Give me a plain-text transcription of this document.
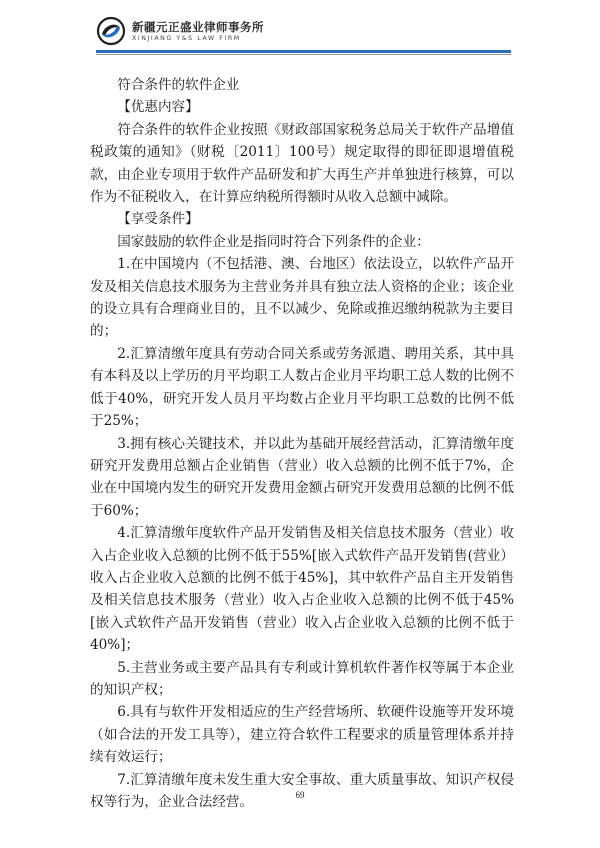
新疆元正盛业律师事务所
XINJIANG Y&S LAW FIRM

符合条件的软件企业

【优惠内容】

符合条件的软件企业按照《财政部国家税务总局关于软件产品增值税政策的通知》（财税〔2011〕100号）规定取得的即征即退增值税款，由企业专项用于软件产品研发和扩大再生产并单独进行核算，可以作为不征税收入，在计算应纳税所得额时从收入总额中减除。

【享受条件】

国家鼓励的软件企业是指同时符合下列条件的企业：

1.在中国境内（不包括港、澳、台地区）依法设立，以软件产品开发及相关信息技术服务为主营业务并具有独立法人资格的企业；该企业的设立具有合理商业目的，且不以减少、免除或推迟缴纳税款为主要目的；

2.汇算清缴年度具有劳动合同关系或劳务派遣、聘用关系，其中具有本科及以上学历的月平均职工人数占企业月平均职工总人数的比例不低于40%，研究开发人员月平均数占企业月平均职工总数的比例不低于25%；

3.拥有核心关键技术，并以此为基础开展经营活动，汇算清缴年度研究开发费用总额占企业销售（营业）收入总额的比例不低于7%，企业在中国境内发生的研究开发费用金额占研究开发费用总额的比例不低于60%；

4.汇算清缴年度软件产品开发销售及相关信息技术服务（营业）收入占企业收入总额的比例不低于55%[嵌入式软件产品开发销售(营业）收入占企业收入总额的比例不低于45%]，其中软件产品自主开发销售及相关信息技术服务（营业）收入占企业收入总额的比例不低于45%[嵌入式软件产品开发销售（营业）收入占企业收入总额的比例不低于40%]；

5.主营业务或主要产品具有专利或计算机软件著作权等属于本企业的知识产权；

6.具有与软件开发相适应的生产经营场所、软硬件设施等开发环境（如合法的开发工具等），建立符合软件工程要求的质量管理体系并持续有效运行；

7.汇算清缴年度未发生重大安全事故、重大质量事故、知识产权侵权等行为，企业合法经营。	69
